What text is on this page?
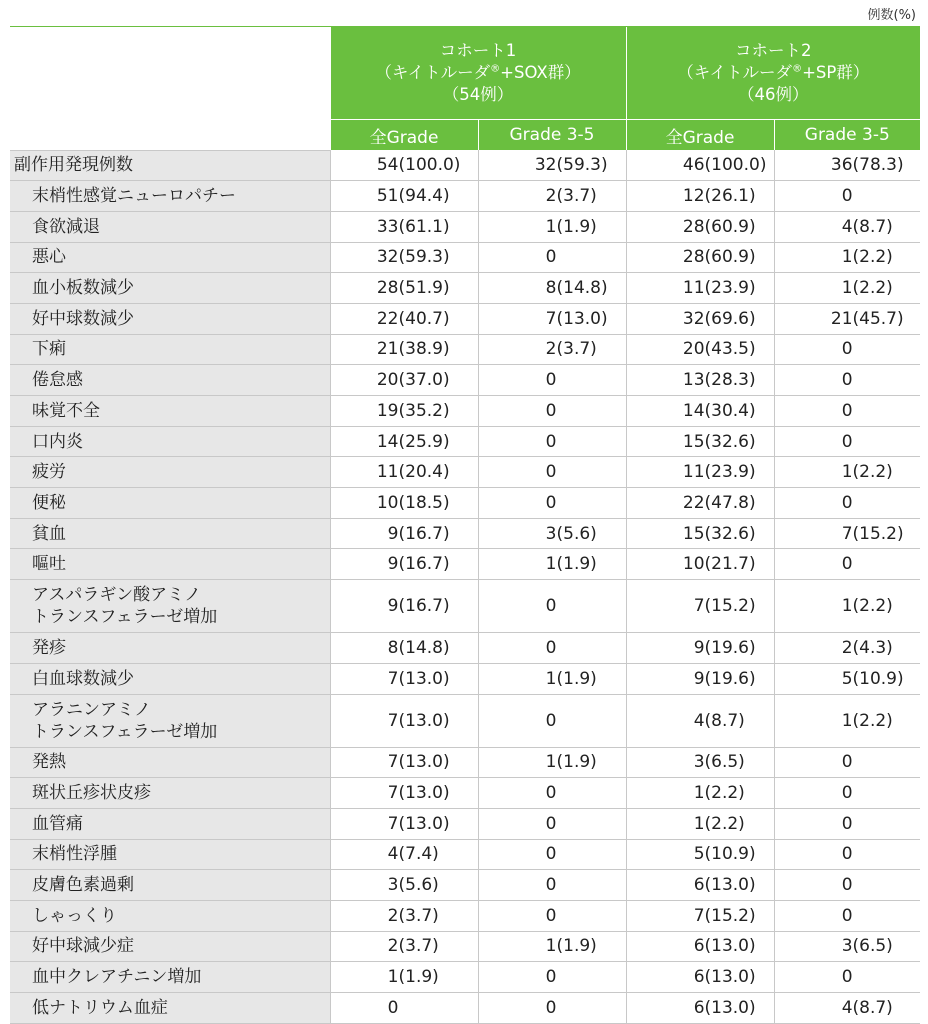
例数(%)

	コホート1
（キイトルーダ®+SOX群）
（54例）		コホート2
（キイトルーダ®+SP群）
（46例）	

	全Grade	Grade 3-5	全Grade	Grade 3-5
副作用発現例数	54(100.0)	32(59.3)	46(100.0)	36(78.3)
末梢性感覚ニューロパチー	51(94.4)	2(3.7)	12(26.1)	0
食欲減退	33(61.1)	1(1.9)	28(60.9)	4(8.7)
悪心	32(59.3)	0	28(60.9)	1(2.2)
血小板数減少	28(51.9)	8(14.8)	11(23.9)	1(2.2)
好中球数減少	22(40.7)	7(13.0)	32(69.6)	21(45.7)
下痢	21(38.9)	2(3.7)	20(43.5)	0
倦怠感	20(37.0)	0	13(28.3)	0
味覚不全	19(35.2)	0	14(30.4)	0
口内炎	14(25.9)	0	15(32.6)	0
疲労	11(20.4)	0	11(23.9)	1(2.2)
便秘	10(18.5)	0	22(47.8)	0
貧血	9(16.7)	3(5.6)	15(32.6)	7(15.2)
嘔吐	9(16.7)	1(1.9)	10(21.7)	0

アスパラギン酸アミノ
トランスフェラーゼ増加	9(16.7)	0	7(15.2)	1(2.2)
発疹	8(14.8)	0	9(19.6)	2(4.3)
白血球数減少	7(13.0)	1(1.9)	9(19.6)	5(10.9)

アラニンアミノ
トランスフェラーゼ増加	7(13.0)	0	4(8.7)	1(2.2)
発熱	7(13.0)	1(1.9)	3(6.5)	0
斑状丘疹状皮疹	7(13.0)	0	1(2.2)	0
血管痛	7(13.0)	0	1(2.2)	0
末梢性浮腫	4(7.4)	0	5(10.9)	0
皮膚色素過剰	3(5.6)	0	6(13.0)	0
しゃっくり	2(3.7)	0	7(15.2)	0
好中球減少症	2(3.7)	1(1.9)	6(13.0)	3(6.5)
血中クレアチニン増加	1(1.9)	0	6(13.0)	0
低ナトリウム血症	0	0	6(13.0)	4(8.7)
